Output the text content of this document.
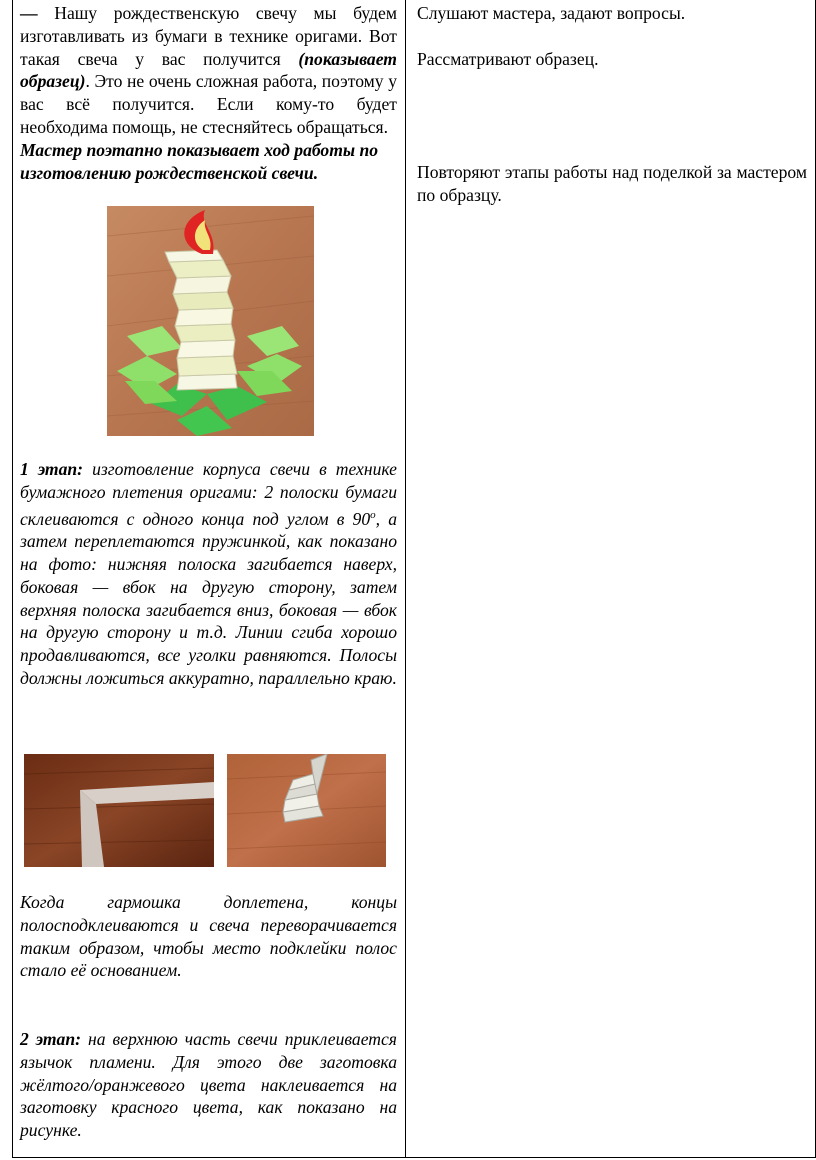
— Нашу рождественскую свечу мы будем изготавливать из бумаги в технике оригами. Вот такая свеча у вас получится (показывает образец). Это не очень сложная работа, поэтому у вас всё получится. Если кому-то будет необходима помощь, не стесняйтесь обращаться.

Мастер поэтапно показывает ход работы по изготовлению рождественской свечи.

1 этап: изготовление корпуса свечи в технике бумажного плетения оригами: 2 полоски бумаги склеиваются с одного конца под углом в $90^о$, а затем переплетаются пружинкой, как показано на фото: нижняя полоска загибается наверх, боковая — вбок на другую сторону, затем верхняя полоска загибается вниз, боковая — вбок на другую сторону и т.д. Линии сгиба хорошо продавливаются, все уголки равняются. Полосы должны ложиться аккуратно, параллельно краю.

Когда гармошка доплетена, концы полосподклеиваются и свеча переворачивается таким образом, чтобы место подклейки полос стало её основанием.

2 этап: на верхнюю часть свечи приклеивается язычок пламени. Для этого две заготовка жёлтого/оранжевого цвета наклеивается на заготовку красного цвета, как показано на рисунке.

Слушают мастера, задают вопросы.

Рассматривают образец.

Повторяют этапы работы над поделкой за мастером по образцу.
